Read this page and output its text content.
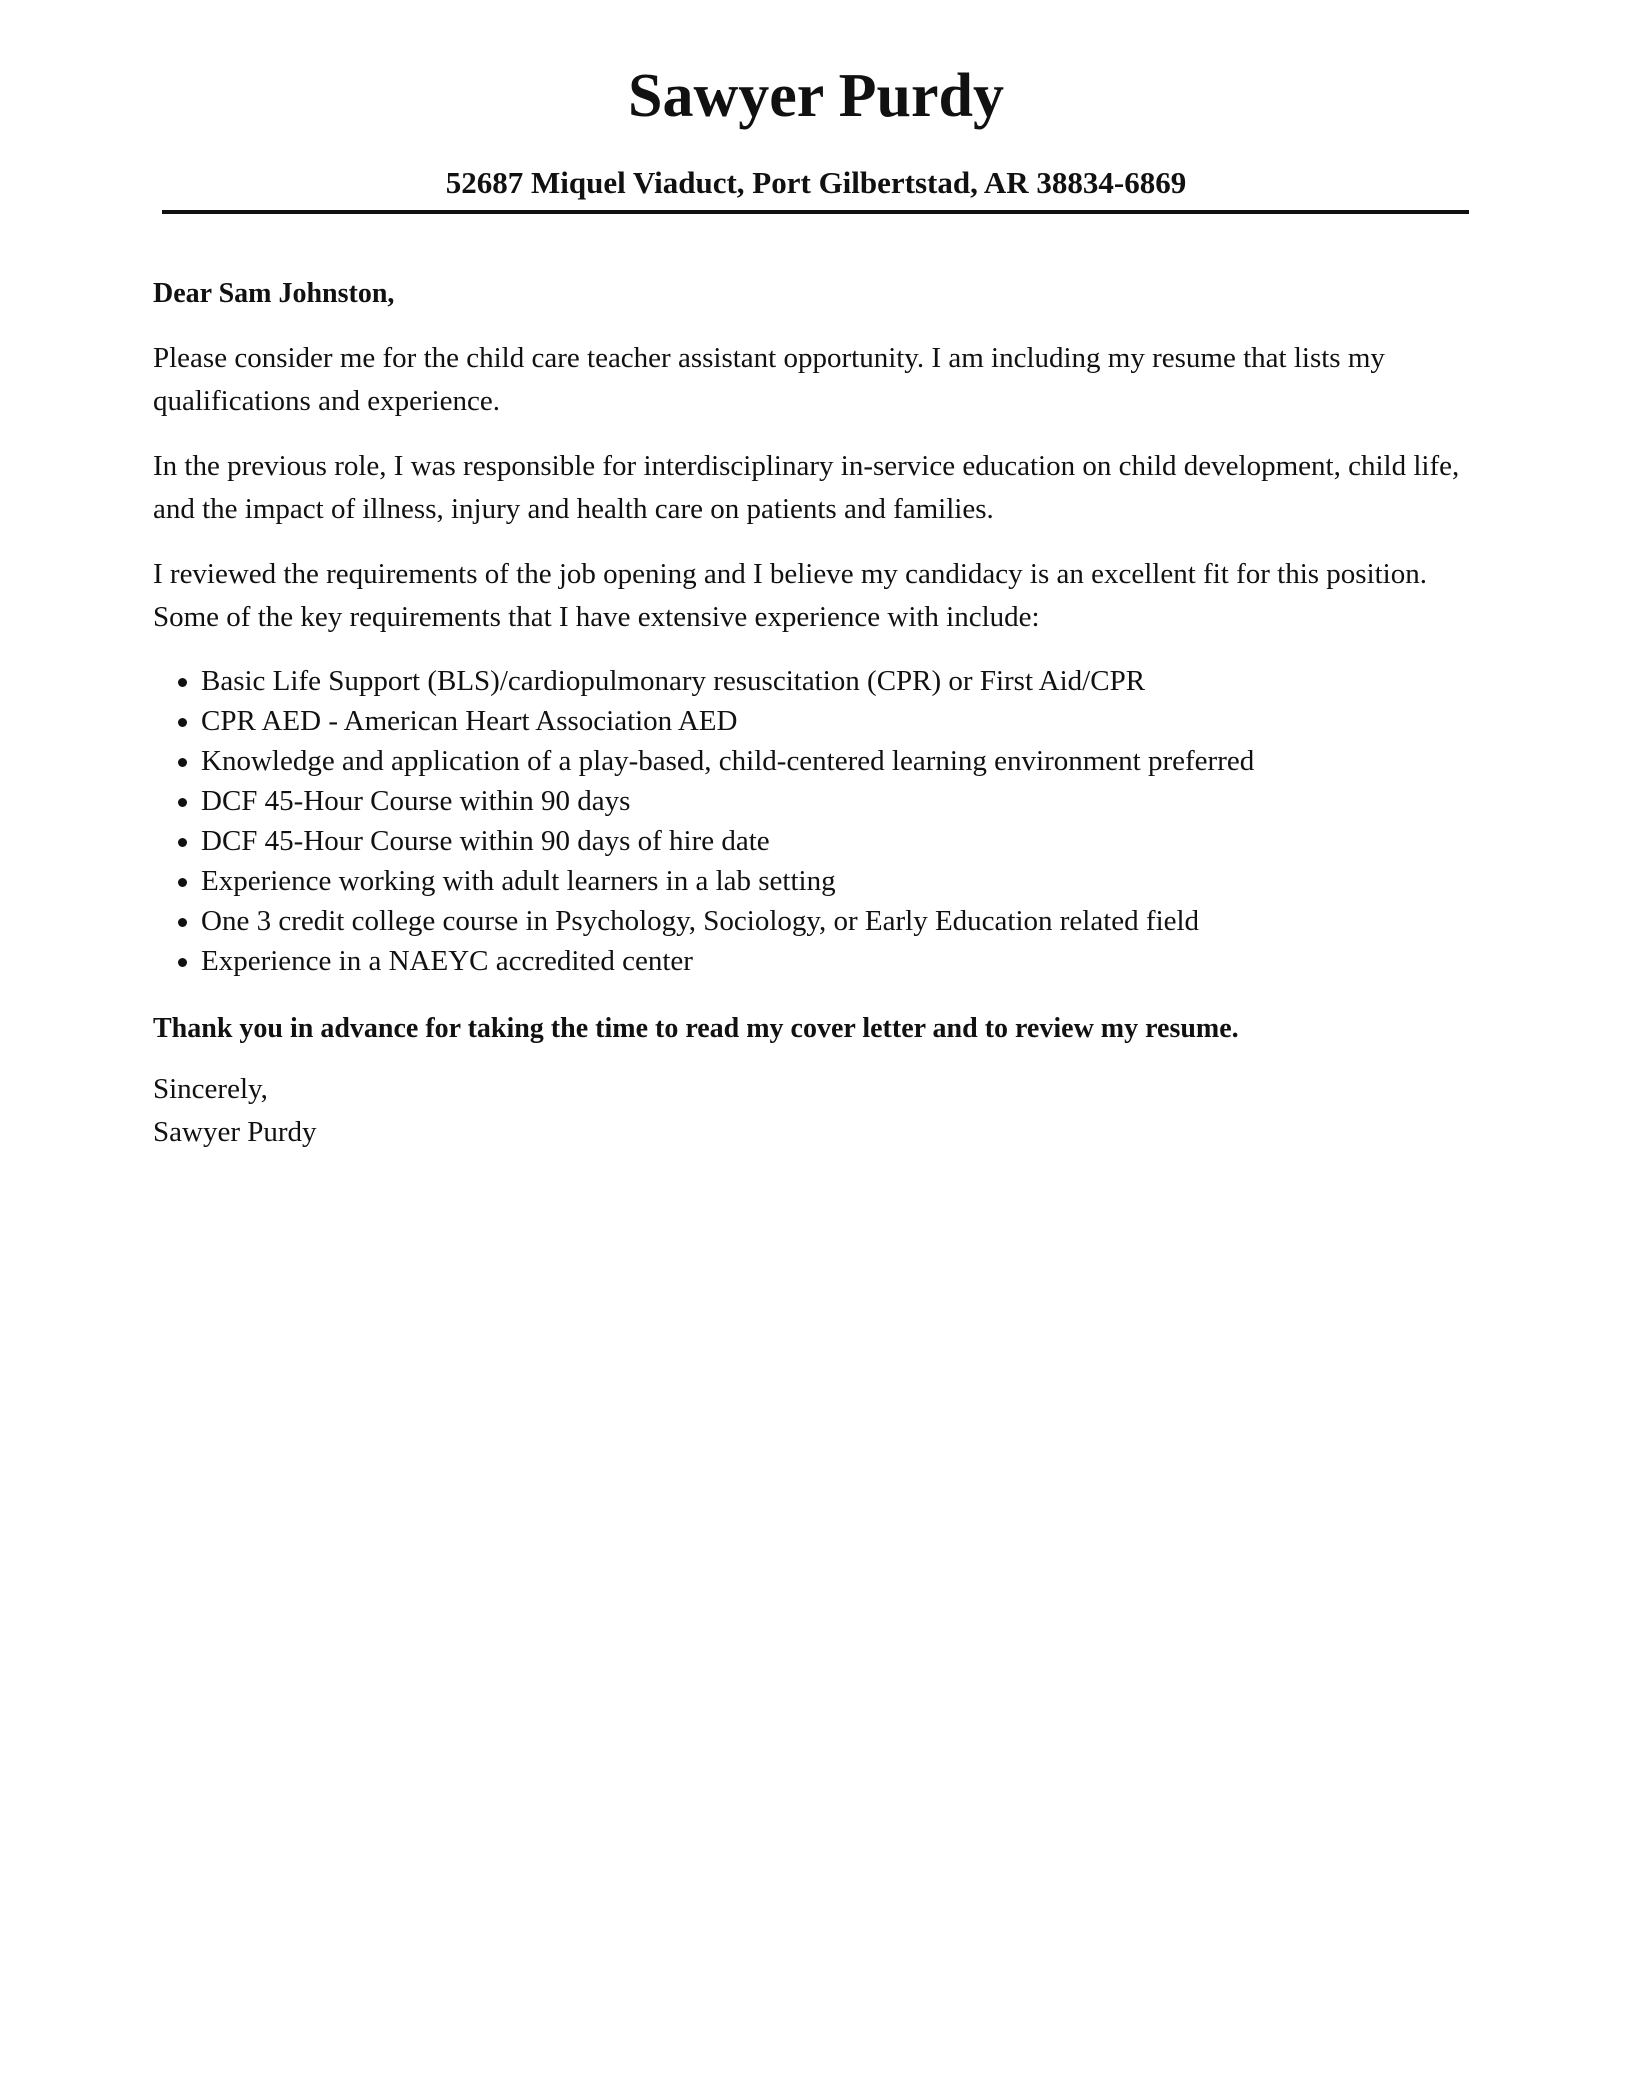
Sawyer Purdy
52687 Miquel Viaduct, Port Gilbertstad, AR 38834-6869

Dear Sam Johnston,

Please consider me for the child care teacher assistant opportunity. I am including my resume that lists my qualifications and experience.

In the previous role, I was responsible for interdisciplinary in-service education on child development, child life, and the impact of illness, injury and health care on patients and families.

I reviewed the requirements of the job opening and I believe my candidacy is an excellent fit for this position. Some of the key requirements that I have extensive experience with include:

Basic Life Support (BLS)/cardiopulmonary resuscitation (CPR) or First Aid/CPR
CPR AED - American Heart Association AED
Knowledge and application of a play-based, child-centered learning environment preferred
DCF 45-Hour Course within 90 days
DCF 45-Hour Course within 90 days of hire date
Experience working with adult learners in a lab setting
One 3 credit college course in Psychology, Sociology, or Early Education related field
Experience in a NAEYC accredited center

Thank you in advance for taking the time to read my cover letter and to review my resume.

Sincerely,

Sawyer Purdy
